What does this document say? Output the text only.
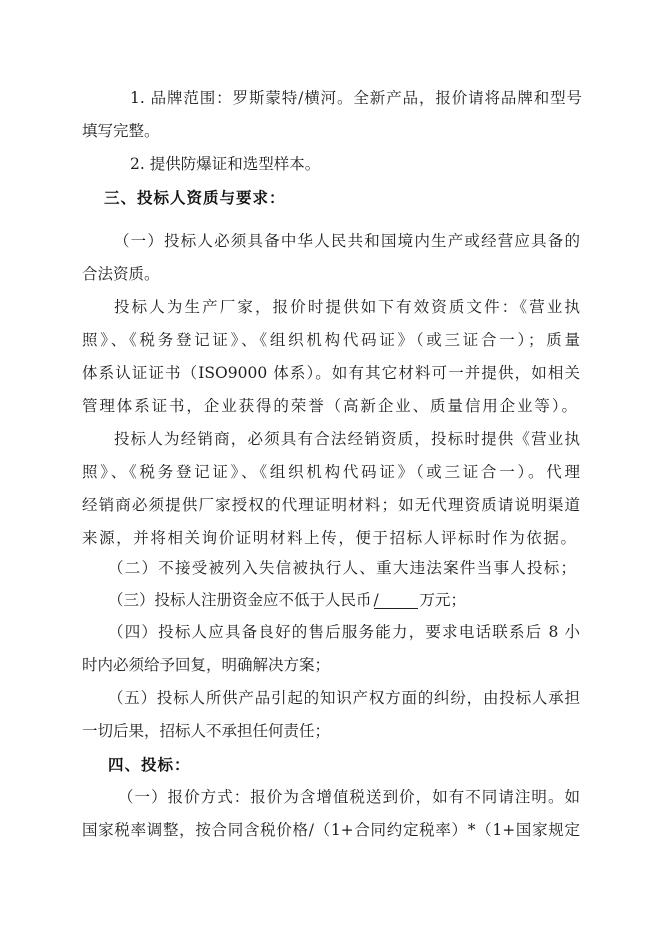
1. 品牌范围：罗斯蒙特/横河。全新产品，报价请将品牌和型号
填写完整。
2. 提供防爆证和选型样本。
三、投标人资质与要求：
（一）投标人必须具备中华人民共和国境内生产或经营应具备的
合法资质。
投标人为生产厂家，报价时提供如下有效资质文件：《营业执
照》、《税务登记证》、《组织机构代码证》（或三证合一）；质量
体系认证证书（ISO9000 体系）。如有其它材料可一并提供，如相关
管理体系证书，企业获得的荣誉（高新企业、质量信用企业等）。
投标人为经销商，必须具有合法经销资质，投标时提供《营业执
照》、《税务登记证》、《组织机构代码证》（或三证合一）。代理
经销商必须提供厂家授权的代理证明材料；如无代理资质请说明渠道
来源，并将相关询价证明材料上传，便于招标人评标时作为依据。
（二）不接受被列入失信被执行人、重大违法案件当事人投标；
（三）投标人注册资金应不低于人民币 /	万元；
（四）投标人应具备良好的售后服务能力，要求电话联系后 8 小
时内必须给予回复，明确解决方案；
（五）投标人所供产品引起的知识产权方面的纠纷，由投标人承担
一切后果，招标人不承担任何责任；
四、投标：
（一）报价方式：报价为含增值税送到价，如有不同请注明。如
国家税率调整，按合同含税价格/（1+合同约定税率）*（1+国家规定
